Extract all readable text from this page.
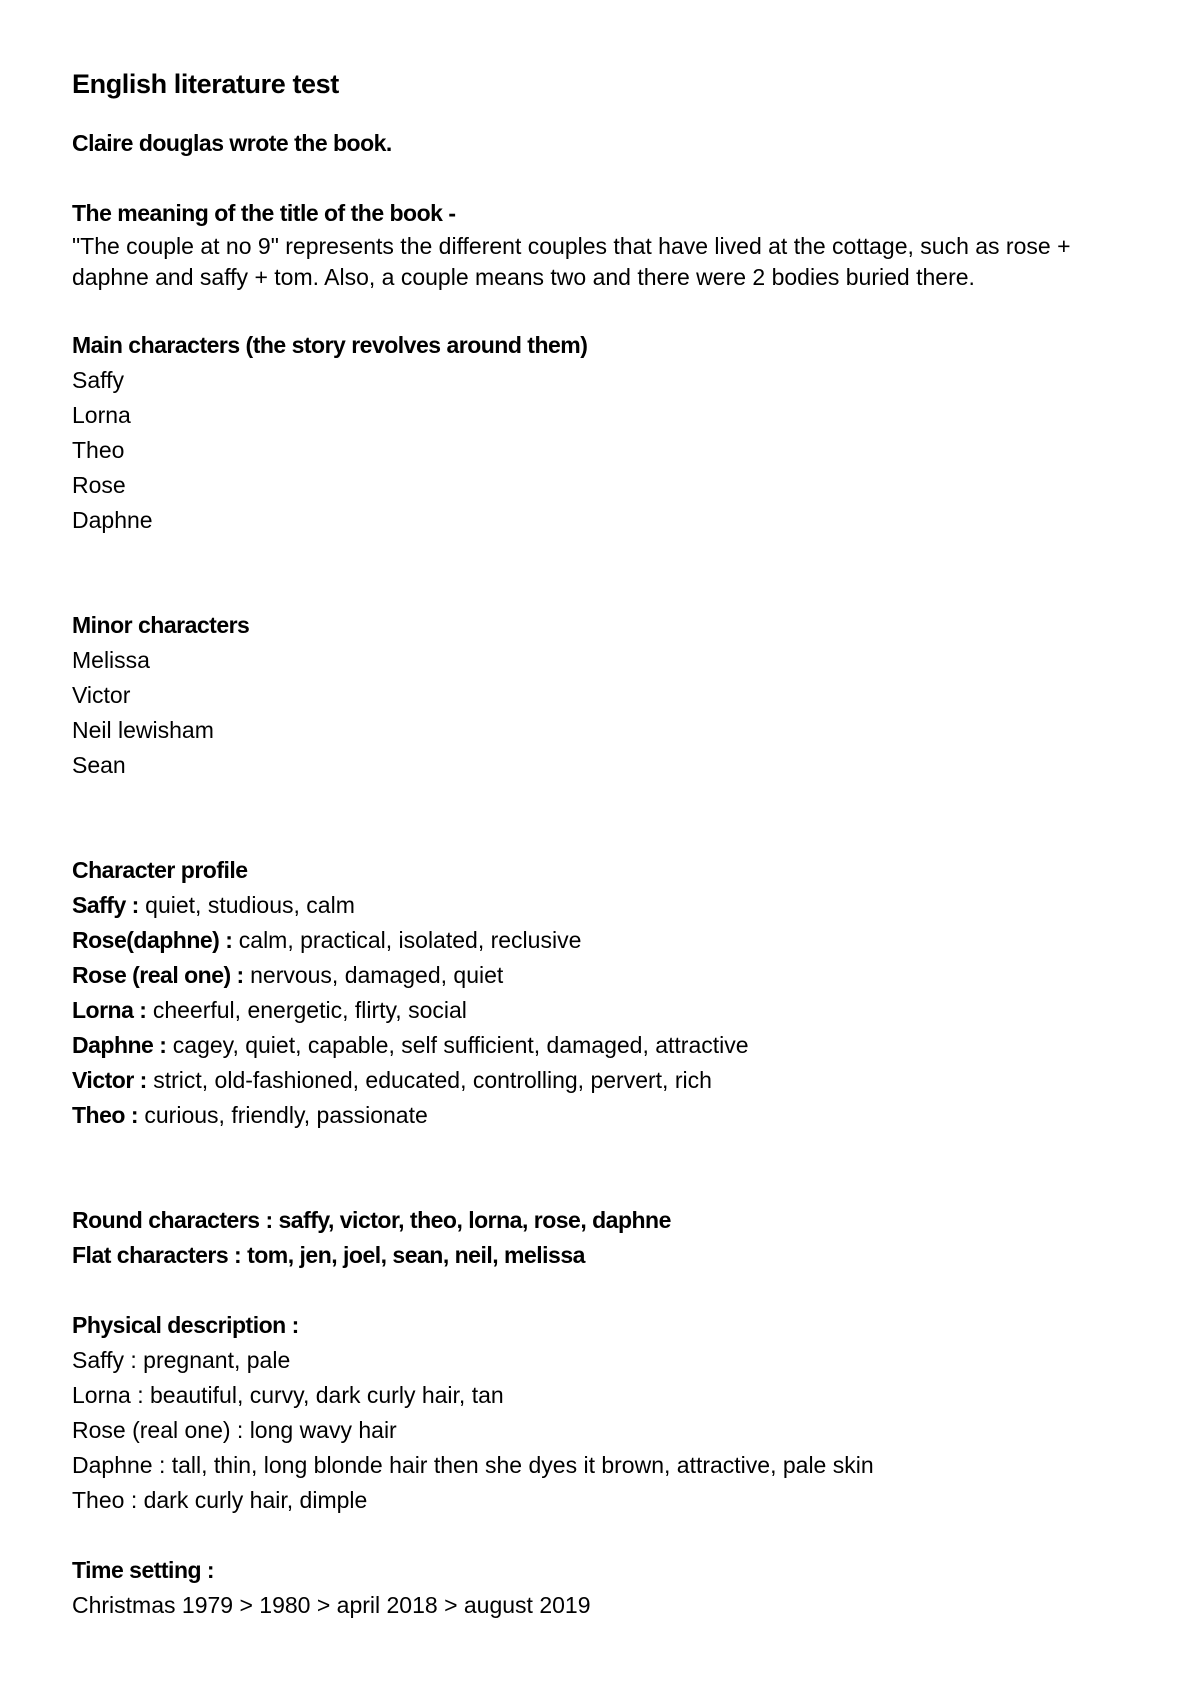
English literature test
Claire douglas wrote the book.
The meaning of the title of the book -
"The couple at no 9" represents the different couples that have lived at the cottage, such as rose + daphne and saffy + tom. Also, a couple means two and there were 2 bodies buried there.
Main characters (the story revolves around them)
Saffy
Lorna
Theo
Rose
Daphne
Minor characters
Melissa
Victor
Neil lewisham
Sean
Character profile
Saffy : quiet, studious, calm
Rose(daphne) : calm, practical, isolated, reclusive
Rose (real one) : nervous, damaged, quiet
Lorna : cheerful, energetic, flirty, social
Daphne : cagey, quiet, capable, self sufficient, damaged, attractive
Victor : strict, old-fashioned, educated, controlling, pervert, rich
Theo : curious, friendly, passionate
Round characters : saffy, victor, theo, lorna, rose, daphne
Flat characters : tom, jen, joel, sean, neil, melissa
Physical description :
Saffy : pregnant, pale
Lorna : beautiful, curvy, dark curly hair, tan
Rose (real one) : long wavy hair
Daphne : tall, thin, long blonde hair then she dyes it brown, attractive, pale skin
Theo : dark curly hair, dimple
Time setting :
Christmas 1979 > 1980 > april 2018 > august 2019
